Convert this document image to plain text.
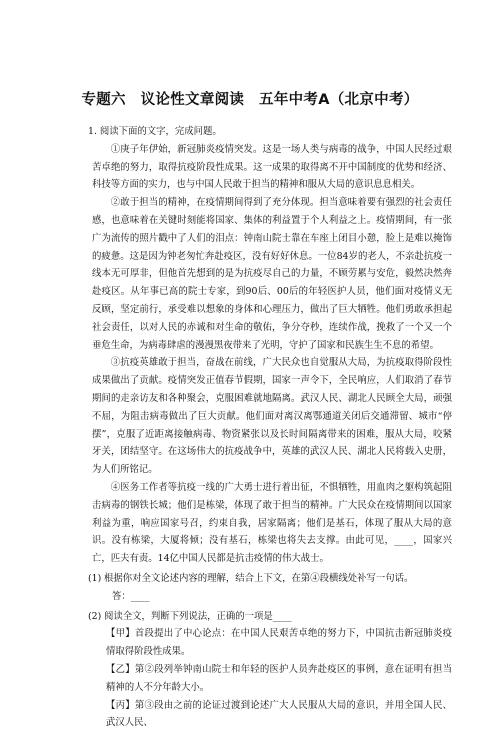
专题六　议论性文章阅读　五年中考A（北京中考）
1. 阅读下面的文字，完成问题。

①庚子年伊始，新冠肺炎疫情突发。这是一场人类与病毒的战争，中国人民经过艰苦卓绝的努力，取得抗疫阶段性成果。这一成果的取得离不开中国制度的优势和经济、科技等方面的实力，也与中国人民敢于担当的精神和服从大局的意识息息相关。

②敢于担当的精神，在疫情期间得到了充分体现。担当意味着要有强烈的社会责任感，也意味着在关键时刻能将国家、集体的利益置于个人利益之上。疫情期间，有一张广为流传的照片戳中了人们的泪点：钟南山院士靠在车座上闭目小憩，脸上是难以掩饰的疲惫。这是因为钟老匆忙奔赴疫区，没有好好休息。一位84岁的老人，不亲赴抗疫一线本无可厚非，但他首先想到的是为抗疫尽自己的力量，不顾劳累与安危，毅然决然奔赴疫区。从年事已高的院士专家，到90后、00后的年轻医护人员，他们面对疫情义无反顾，坚定前行，承受难以想象的身体和心理压力，做出了巨大牺牲。他们勇敢承担起社会责任，以对人民的赤诚和对生命的敬佑，争分夺秒，连续作战，挽救了一个又一个垂危生命，为病毒肆虐的漫漫黑夜带来了光明，守护了国家和民族生生不息的希望。

③抗疫英雄敢于担当，奋战在前线，广大民众也自觉服从大局，为抗疫取得阶段性成果做出了贡献。疫情突发正值春节假期，国家一声令下，全民响应，人们取消了春节期间的走亲访友和各种聚会，克服困难就地隔离。武汉人民、湖北人民顾全大局，顽强不屈，为阻击病毒做出了巨大贡献。他们面对离汉离鄂通道关闭后交通滞留、城市“停摆”，克服了近距离接触病毒、物资紧张以及长时间隔离带来的困难，服从大局，咬紧牙关，团结坚守。在这场伟大的抗疫战争中，英雄的武汉人民、湖北人民将载入史册，为人们所铭记。

④医务工作者等抗疫一线的广大勇士进行着出征，不惧牺牲，用血肉之躯构筑起阻击病毒的钢铁长城；他们是栋梁，体现了敢于担当的精神。广大民众在疫情期间以国家利益为重，响应国家号召，约束自我，居家隔离；他们是基石，体现了服从大局的意识。没有栋梁，大厦将倾；没有基石，栋梁也将失去支撑。由此可见，____，国家兴亡，匹夫有责。14亿中国人民都是抗击疫情的伟大战士。

(1) 根据你对全文论述内容的理解，结合上下文，在第④段横线处补写一句话。
答：____
(2) 阅读全文，判断下列说法，正确的一项是____
【甲】首段提出了中心论点：在中国人民艰苦卓绝的努力下，中国抗击新冠肺炎疫情取得阶段性成果。
【乙】第②段列举钟南山院士和年轻的医护人员奔赴疫区的事例，意在证明有担当精神的人不分年龄大小。
【丙】第③段由之前的论证过渡到论述广大人民服从大局的意识，并用全国人民、武汉人民、
